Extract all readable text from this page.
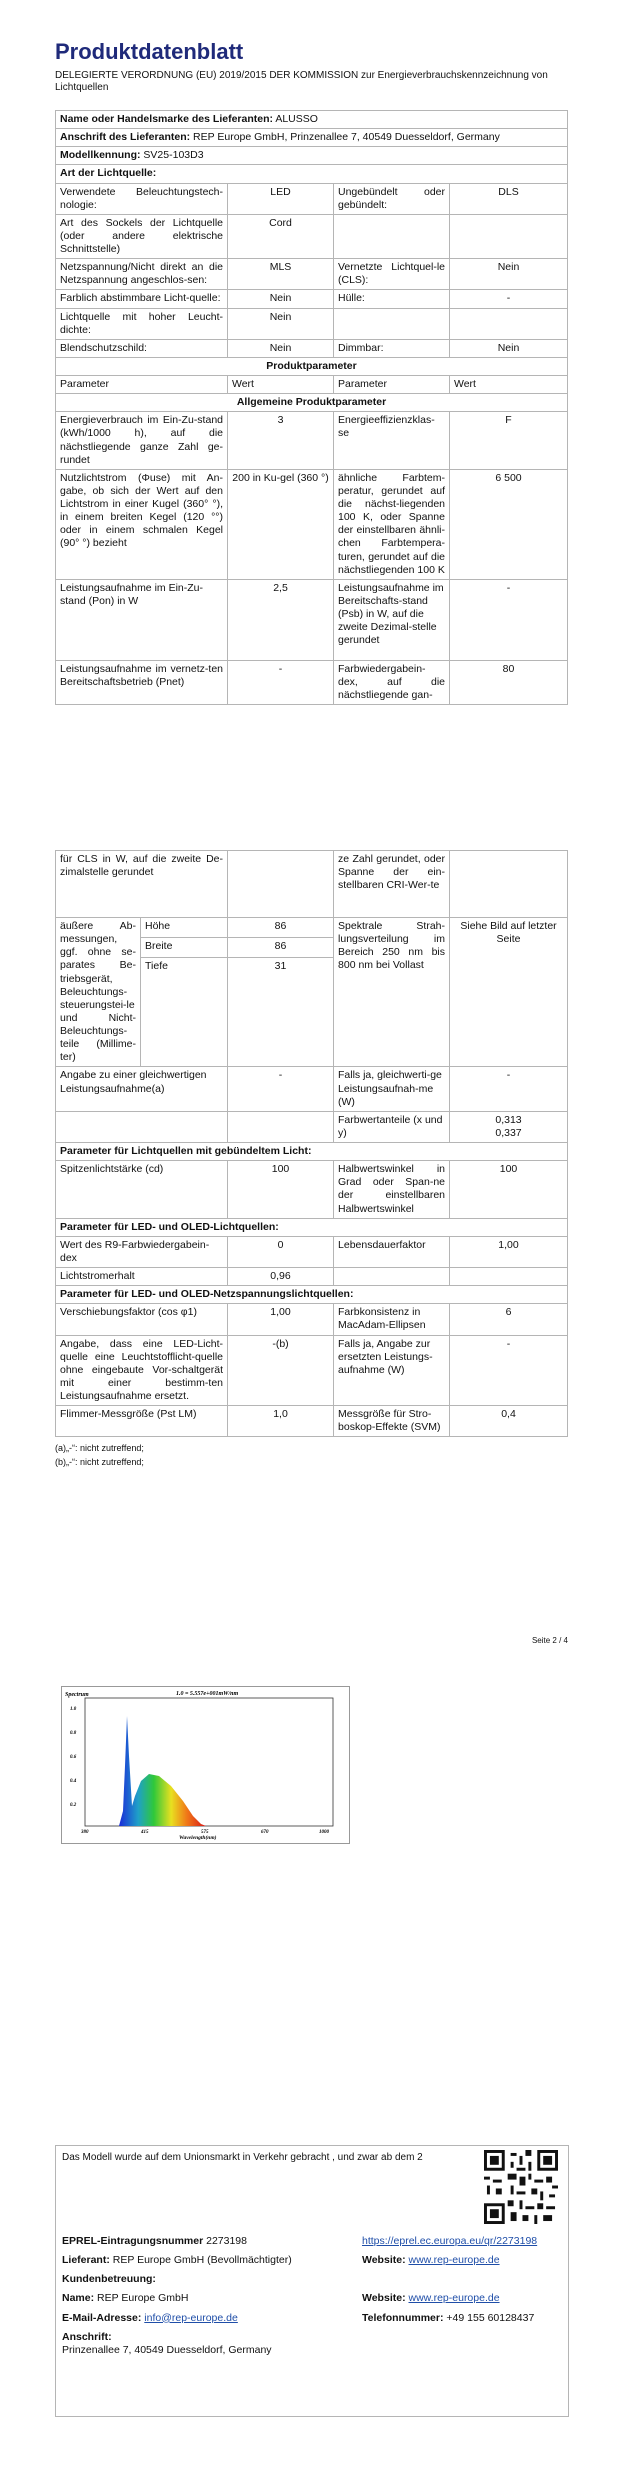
Produktdatenblatt
DELEGIERTE VERORDNUNG (EU) 2019/2015 DER KOMMISSION zur Energieverbrauchskennzeichnung von Lichtquellen
Name oder Handelsmarke des Lieferanten: ALUSSO			
Anschrift des Lieferanten: REP Europe GmbH, Prinzenallee 7, 40549 Duesseldorf, Germany			
Modellkennung: SV25-103D3			
Art der Lichtquelle:			
Verwendete Beleuchtungstech-nologie:	LED	Ungebündelt oder gebündelt:	DLS
Art des Sockels der Lichtquelle (oder andere elektrische Schnittstelle)	Cord		
Netzspannung/Nicht direkt an die Netzspannung angeschlos-sen:	MLS	Vernetzte Lichtquel-le (CLS):	Nein
Farblich abstimmbare Licht-quelle:	Nein	Hülle:	-
Lichtquelle mit hoher Leucht-dichte:	Nein		
Blendschutzschild:	Nein	Dimmbar:	Nein
Produktparameter			
Parameter	Wert	Parameter	Wert
Allgemeine Produktparameter			
Energieverbrauch im Ein-Zu-stand (kWh/1000 h), auf die nächstliegende ganze Zahl ge-rundet	3	Energieeffizienzklas-se	F
Nutzlichtstrom (Φuse) mit An-gabe, ob sich der Wert auf den Lichtstrom in einer Kugel (360° °), in einem breiten Kegel (120 °°) oder in einem schmalen Kegel (90° °) bezieht	200 in Ku-gel (360 °)	ähnliche Farbtem-peratur, gerundet auf die nächst-liegenden 100 K, oder Spanne der einstellbaren ähnli-chen Farbtempera-turen, gerundet auf die nächstliegenden 100 K	6 500
Leistungsaufnahme im Ein-Zu-stand (Pon) in W	2,5	Leistungsaufnahme im Bereitschafts-stand (Psb) in W, auf die zweite Dezimal-stelle gerundet	-
Leistungsaufnahme im vernetz-ten Bereitschaftsbetrieb (Pnet)	-	Farbwiedergabein-dex, auf die nächstliegende gan-	80
für CLS in W, auf die zweite De-zimalstelle gerundet			ze Zahl gerundet, oder Spanne der ein-stellbaren CRI-Wer-te	
äußere Ab-messungen, ggf. ohne se-parates Be-triebsgerät, Beleuchtungs-steuerungstei-le und Nicht-Beleuchtungs-teile (Millime-ter)	Höhe	86	Spektrale Strah-lungsverteilung im Bereich 250 nm bis 800 nm bei Vollast	Siehe Bild auf letzter Seite
	Breite	86		
	Tiefe	31		
Angabe zu einer gleichwertigen Leistungsaufnahme(a)		-	Falls ja, gleichwerti-ge Leistungsaufnah-me (W)	-
			Farbwertanteile (x und y)	0,313
0,337
Parameter für Lichtquellen mit gebündeltem Licht:				
Spitzenlichtstärke (cd)		100	Halbwertswinkel in Grad oder Span-ne der einstellbaren Halbwertswinkel	100
Parameter für LED- und OLED-Lichtquellen:				
Wert des R9-Farbwiedergabein-dex		0	Lebensdauerfaktor	1,00
Lichtstromerhalt		0,96		
Parameter für LED- und OLED-Netzspannungslichtquellen:				
Verschiebungsfaktor (cos φ1)		1,00	Farbkonsistenz in MacAdam-Ellipsen	6
Angabe, dass eine LED-Licht-quelle eine Leuchtstofflicht-quelle ohne eingebaute Vor-schaltgerät mit einer bestimm-ten Leistungsaufnahme ersetzt.		-(b)	Falls ja, Angabe zur ersetzten Leistungs-aufnahme (W)	-
Flimmer-Messgröße (Pst LM)		1,0	Messgröße für Stro-boskop-Effekte (SVM)	0,4
(a)„-“: nicht zutreffend;
(b)„-“: nicht zutreffend;
Seite 2 / 4
Spectrum	1.0 = 5.557e+001mW/nm
Wavelength(nm)
1.0
0.8
0.6
0.4
0.2
380	415	575	670	1000
Das Modell wurde auf dem Unionsmarkt in Verkehr gebracht , und zwar ab dem 2
EPREL-Eintragungsnummer 2273198	https://eprel.ec.europa.eu/qr/2273198
Lieferant: REP Europe GmbH (Bevollmächtigter)	Website: www.rep-europe.de
Kundenbetreuung:	
Name: REP Europe GmbH	Website: www.rep-europe.de
E-Mail-Adresse: info@rep-europe.de	Telefonnummer: +49 155 60128437
Anschrift:
Prinzenallee 7, 40549 Duesseldorf, Germany	
